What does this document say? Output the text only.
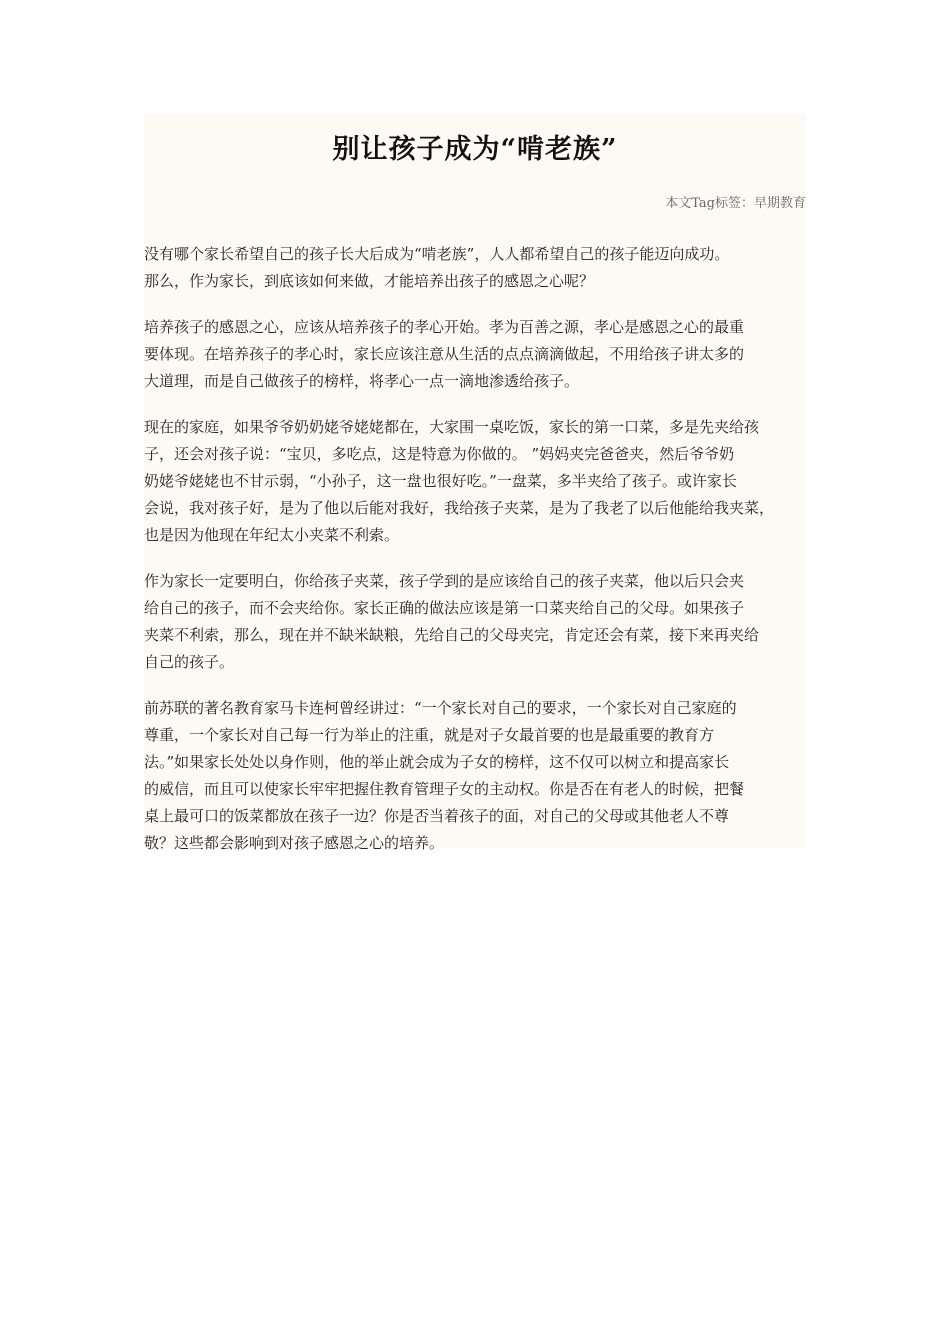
别让孩子成为“啃老族”
本文Tag标签：早期教育

没有哪个家长希望自己的孩子长大后成为“啃老族”，人人都希望自己的孩子能迈向成功。
那么，作为家长，到底该如何来做，才能培养出孩子的感恩之心呢？

培养孩子的感恩之心，应该从培养孩子的孝心开始。孝为百善之源，孝心是感恩之心的最重
要体现。在培养孩子的孝心时，家长应该注意从生活的点点滴滴做起，不用给孩子讲太多的
大道理，而是自己做孩子的榜样，将孝心一点一滴地渗透给孩子。

现在的家庭，如果爷爷奶奶姥爷姥姥都在，大家围一桌吃饭，家长的第一口菜，多是先夹给孩
子，还会对孩子说：“宝贝，多吃点，这是特意为你做的。 ”妈妈夹完爸爸夹，然后爷爷奶
奶姥爷姥姥也不甘示弱，“小孙子，这一盘也很好吃。”一盘菜，多半夹给了孩子。或许家长
会说，我对孩子好，是为了他以后能对我好，我给孩子夹菜，是为了我老了以后他能给我夹菜，
也是因为他现在年纪太小夹菜不利索。

作为家长一定要明白，你给孩子夹菜，孩子学到的是应该给自己的孩子夹菜，他以后只会夹
给自己的孩子，而不会夹给你。家长正确的做法应该是第一口菜夹给自己的父母。如果孩子
夹菜不利索，那么，现在并不缺米缺粮，先给自己的父母夹完，肯定还会有菜，接下来再夹给
自己的孩子。

前苏联的著名教育家马卡连柯曾经讲过：“一个家长对自己的要求，一个家长对自己家庭的
尊重，一个家长对自己每一行为举止的注重，就是对子女最首要的也是最重要的教育方
法。”如果家长处处以身作则，他的举止就会成为子女的榜样，这不仅可以树立和提高家长
的威信，而且可以使家长牢牢把握住教育管理子女的主动权。你是否在有老人的时候，把餐
桌上最可口的饭菜都放在孩子一边？你是否当着孩子的面，对自己的父母或其他老人不尊
敬？这些都会影响到对孩子感恩之心的培养。
